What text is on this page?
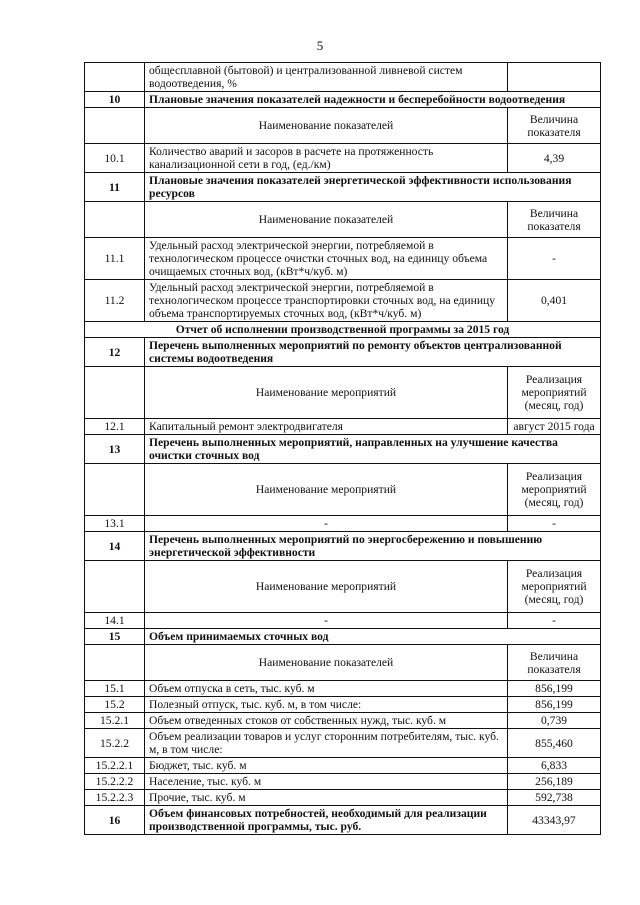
5
	общесплавной (бытовой) и централизованной ливневой систем водоотведения, %	
10	Плановые значения показателей надежности и бесперебойности водоотведения	
	Наименование показателей	Величина показателя
10.1	Количество аварий и засоров в расчете на протяженность канализационной сети в год, (ед./км)	4,39
11	Плановые значения показателей энергетической эффективности использования ресурсов	
	Наименование показателей	Величина показателя
11.1	Удельный расход электрической энергии, потребляемой в технологическом процессе очистки сточных вод, на единицу объема очищаемых сточных вод, (кВт*ч/куб. м)	-
11.2	Удельный расход электрической энергии, потребляемой в технологическом процессе транспортировки сточных вод, на единицу объема транспортируемых сточных вод, (кВт*ч/куб. м)	0,401
Отчет об исполнении производственной программы за 2015 год		
12	Перечень выполненных мероприятий по ремонту объектов централизованной системы водоотведения	
	Наименование мероприятий	Реализация мероприятий (месяц, год)
12.1	Капитальный ремонт электродвигателя	август 2015 года
13	Перечень выполненных мероприятий, направленных на улучшение качества очистки сточных вод	
	Наименование мероприятий	Реализация мероприятий (месяц, год)
13.1	-	-
14	Перечень выполненных мероприятий по энергосбережению и повышению энергетической эффективности	
	Наименование мероприятий	Реализация мероприятий (месяц, год)
14.1	-	-
15	Объем принимаемых сточных вод	
	Наименование показателей	Величина показателя
15.1	Объем отпуска в сеть, тыс. куб. м	856,199
15.2	Полезный отпуск, тыс. куб. м, в том числе:	856,199
15.2.1	Объем отведенных стоков от собственных нужд, тыс. куб. м	0,739
15.2.2	Объем реализации товаров и услуг сторонним потребителям, тыс. куб. м, в том числе:	855,460
15.2.2.1	Бюджет, тыс. куб. м	6,833
15.2.2.2	Население, тыс. куб. м	256,189
15.2.2.3	Прочие, тыс. куб. м	592,738
16	Объем финансовых потребностей, необходимый для реализации производственной программы, тыс. руб.	43343,97
